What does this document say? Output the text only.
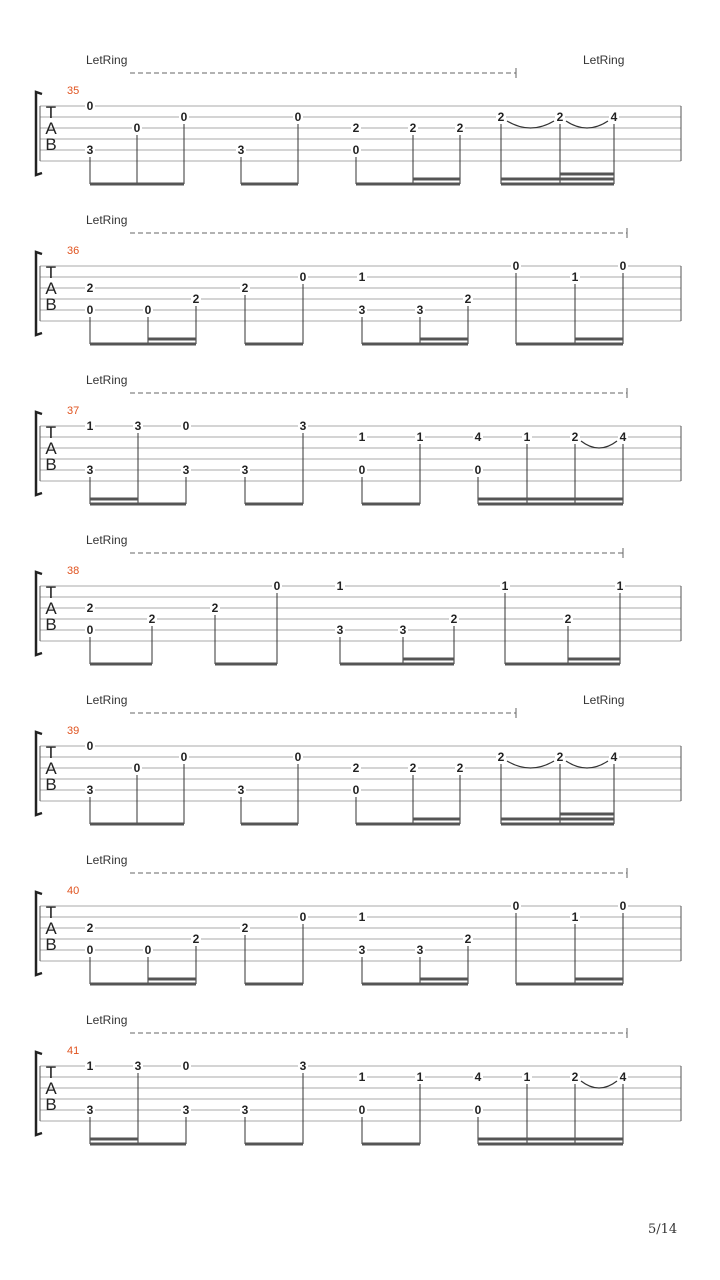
LetRing	LetRing
35
T
A
B
0
3
0
0
3
0
2
0
2	2
2	2	4
LetRing
36
T
A
B
2
0	0
2
2
0	1
3	3
2
0
1
0
LetRing
37
T
A
B
1
3
3	0
3	3
3
1
0
1	4
0
1	2	4
LetRing
38
T
A
B
2
0
2
2
0	1
3	3
2
1
2
1
LetRing	LetRing
39
T
A
B
0
3
0
0
3
0
2
0
2	2
2	2	4
LetRing
40
T
A
B
2
0	0
2
2
0	1
3	3
2
0
1
0
LetRing
41
T
A
B
1
3
3	0
3	3
3
1
0
1	4
0
1	2	4
5/14
